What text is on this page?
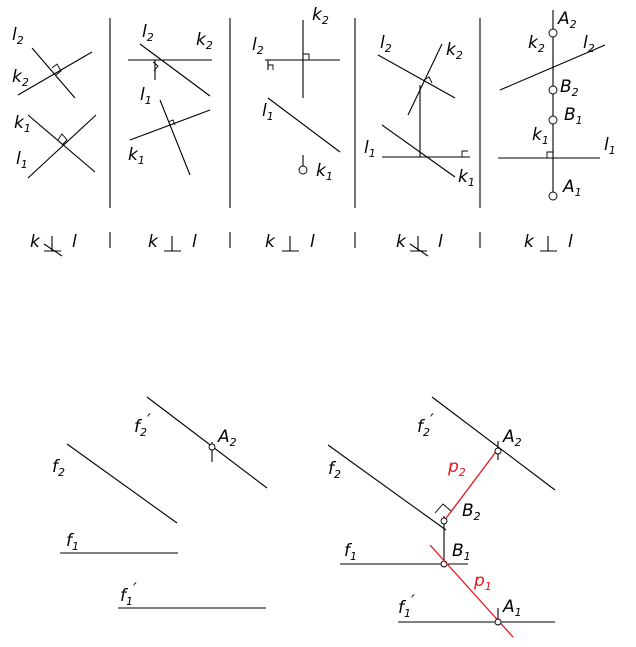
$l_2$
$k_2$
$k_1$
$l_1$
$l_2$ $k_2$
$l_1$
$k_1$
$k_2$
$l_2$
$l_1$
$k_1$
$l_2$	$k_2$
$l_1$
$k_1$
$A_2$
$k_2$ $l_2$
$B_2$
$B_1$
$k_1$	$l_1$
$A_1$
k l	k l	k l	k l	k l
$f_2'$
$A_2$
$f_2$
$f_1$
$f_1'$
$f_2'$
$A_2$
$f_2$	$p_2$
$B_2$
$f_1$	$B_1$
$p_1$
$f_1'$	$A_1$
